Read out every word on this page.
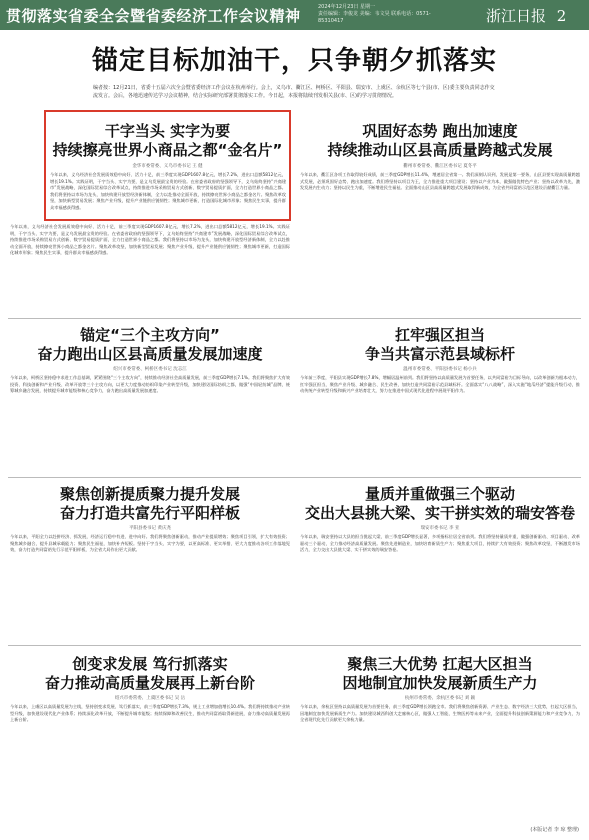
贯彻落实省委全会暨省委经济工作会议精神	2024年12月23日 星期一
责任编辑：李俊龙 美编：韦文昊 联系电话：0571-85310417	浙江日报 2
锚定目标加油干，只争朝夕抓落实
编者按：12月21日，省委十五届六次全会暨省委经济工作会议在杭州举行。会上，义乌市、衢江区、柯桥区、平阳县、瑞安市、上虞区、余杭区等七个县(市、区)委主要负责同志作交流发言。会后，各地迅速传达学习会议精神，结合实际研究部署贯彻落实工作。今日起，本报将陆续刊发相关县(市、区)的学习贯彻情况。
干字当头 实字为要
持续擦亮世界小商品之都“金名片”
金华市委常委、义乌市委书记 王 健
今年以来，义乌经济社会发展质效稳中向好、活力十足，前三季度实现GDP1607.8亿元，增长7.2%，进出口总额5812亿元，增长19.1%。实践证明，干字当头、实字为要，是义乌发展最宝贵的经验。在省委省政府的坚强领导下，义乌始终坚持“兴商建市”发展战略，深化国际贸易综合改革试点，持续推进市场采购贸易方式创新、数字贸易提质扩面，全力打造世界小商品之都。我们将坚持以市场为龙头，加快构建开放型经济新体制，全力以赴推动全面开放，持续擦亮世界小商品之都金名片。聚焦改革攻坚，加快新型贸易发展；聚焦产业升级，提升产业链供应链韧性；聚焦城市更新，打造国际化城市形象；聚焦民生实事，提升群众幸福感获得感。
今年以来，义乌经济社会发展质效稳中向好、活力十足，前三季度实现GDP1607.8亿元，增长7.2%，进出口总额5812亿元，增长19.1%。实践证明，干字当头、实字为要，是义乌发展最宝贵的经验。在省委省政府的坚强领导下，义乌始终坚持“兴商建市”发展战略，深化国际贸易综合改革试点，持续推进市场采购贸易方式创新、数字贸易提质扩面，全力打造世界小商品之都。我们将坚持以市场为龙头，加快构建开放型经济新体制，全力以赴推动全面开放，持续擦亮世界小商品之都金名片。聚焦改革攻坚，加快新型贸易发展；聚焦产业升级，提升产业链供应链韧性；聚焦城市更新，打造国际化城市形象；聚焦民生实事，提升群众幸福感获得感。
巩固好态势 跑出加速度
持续推动山区县高质量跨越式发展
衢州市委常委、衢江区委书记 夏冬平
今年以来，衢江区各项工作取得较好成绩，前三季度GDP增长11.4%，增速居全省第一。我们深刻认识到，发展是第一要务，山区县要实现高质量跨越式发展，必须巩固好态势、跑出加速度。我们将坚持以项目为王，全力推进重大项目建设；坚持以产业为本，做强做优特色产业；坚持以改革为先，激发发展内生动力；坚持以民生为重，不断增进民生福祉。全面推动山区县高质量跨越式发展取得新成效，为全省共同富裕示范区建设贡献衢江力量。
锚定“三个主攻方向”
奋力跑出山区县高质量发展加速度
绍兴市委常委、柯桥区委书记 沈志江
今年以来，柯桥区坚持稳中求进工作总基调，紧紧围绕“三个主攻方向”，持续推动经济社会高质量发展，前三季度GDP增长7.1%。我们将聚焦扩大有效投资、科技创新和产业升级、改革开放等三个主攻方向，以更大力度推动纺织印染产业转型升级，加快建设国际纺织之都，做强“中国轻纺城”品牌，统筹城乡融合发展，持续提升城市能级和核心竞争力，奋力跑出高质量发展加速度。
扛牢强区担当
争当共富示范县域标杆
温州市委常委、平阳县委书记 杨小兵
今年前三季度，平阳县实现GDP增长7.8%，增幅居温州前列。我们将坚持以高质量发展为首要任务，以共同富裕为目标导向，以改革创新为根本动力，扛牢强区担当，聚焦产业升级、城乡融合、民生改善，加快打造共同富裕示范县域标杆。全面落实“八八战略”，深入实施“地瓜经济”提能升级行动，推动传统产业转型升级和新兴产业培育壮大，努力在推进中国式现代化进程中展现平阳作为。
聚焦创新提质聚力提升发展
奋力打造共富先行平阳样板
平阳县委书记 黄庆尧
今年以来，平阳全力以赴拼经济、抓发展，经济运行稳中有进、进中向好。我们将聚焦创新驱动，推动产业提质增效；聚焦项目引领，扩大有效投资；聚焦城乡融合，提升县城承载能力；聚焦民生福祉，加快补齐短板。坚持干字当头、实字为要，以更高标准、更实举措、更大力度推动各项工作落地见效，奋力打造共同富裕先行示范平阳样板，为全省大局作出更大贡献。
量质并重做强三个驱动
交出大县挑大梁、实干拼实效的瑞安答卷
瑞安市委书记 李 亚
今年以来，瑞安坚持以大县的担当挑起大梁，前三季度GDP增长显著，多项指标位居全省前列。我们将坚持量质并重，做强创新驱动、项目驱动、改革驱动三个驱动，全力推动经济高质量发展。聚焦先进制造业，加快培育新质生产力；聚焦重大项目，持续扩大有效投资；聚焦改革攻坚，不断激发市场活力，全力交出大县挑大梁、实干拼实效的瑞安答卷。
创变求发展 笃行抓落实
奋力推动高质量发展再上新台阶
绍兴市委常委、上虞区委书记 吴 岳
今年以来，上虞区以高质量发展为主线，坚持创变求发展、笃行抓落实，前三季度GDP增长7.3%，规上工业增加值增长10.4%。我们将持续推动产业转型升级，加快建设现代化产业体系；持续深化改革开放，不断提升城市能级；持续保障和改善民生，推动共同富裕取得新进展，奋力推动高质量发展再上新台阶。
聚焦三大优势 扛起大区担当
因地制宜加快发展新质生产力
杭州市委常委、余杭区委书记 刘 颖
今年以来，余杭区坚持以高质量发展为首要任务，前三季度GDP增长领跑全市。我们将聚焦创新资源、产业生态、数字经济三大优势，扛起大区担当，因地制宜加快发展新质生产力。加快建设城西科创大走廊核心区，做强人工智能、生物医药等未来产业，全面提升科技创新策源能力和产业竞争力，为全省现代化先行贡献更大余杭力量。
(本版记者 李 琼 整理)
